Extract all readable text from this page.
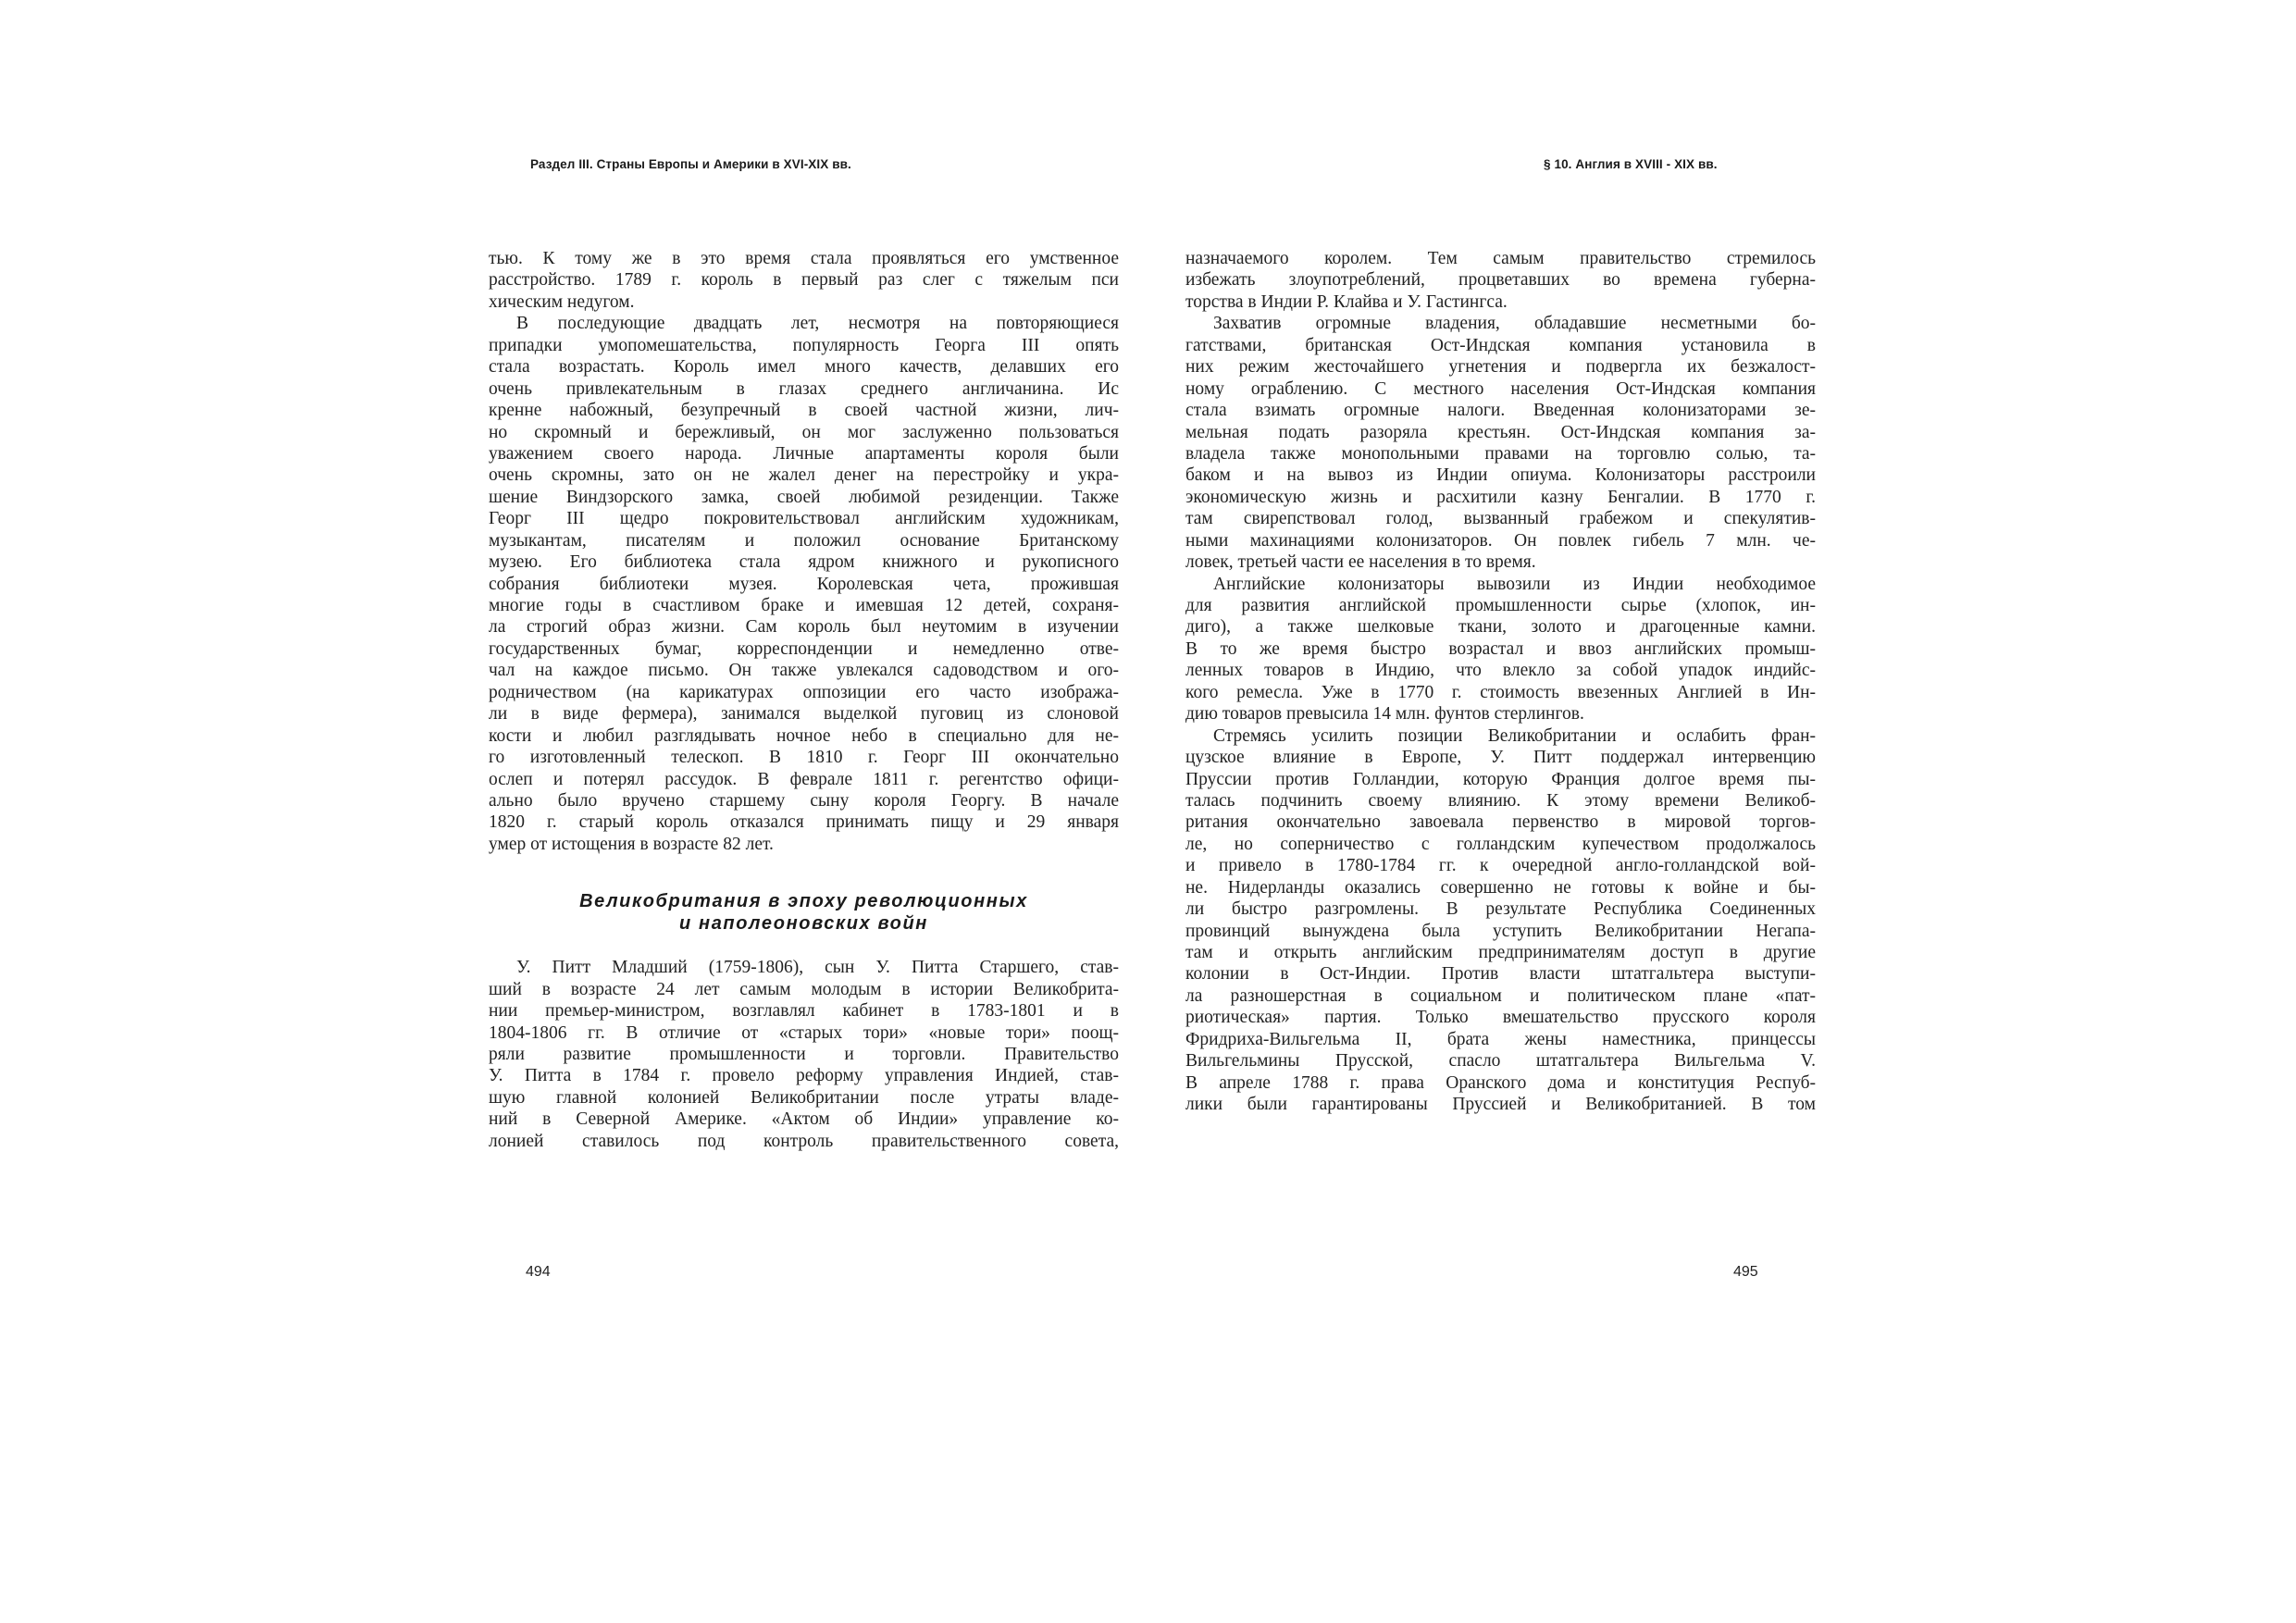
Раздел III. Страны Европы и Америки в XVI-XIX вв.	§ 10. Англия в XVIII - XIX вв.
тью. К тому же в это время стала проявляться его умственное
расстройство. 1789 г. король в первый раз слег с тяжелым пси
хическим недугом.
В последующие двадцать лет, несмотря на повторяющиеся
припадки умопомешательства, популярность Георга III опять
стала возрастать. Король имел много качеств, делавших его
очень привлекательным в глазах среднего англичанина. Ис
кренне набожный, безупречный в своей частной жизни, лич-
но скромный и бережливый, он мог заслуженно пользоваться
уважением своего народа. Личные апартаменты короля были
очень скромны, зато он не жалел денег на перестройку и укра-
шение Виндзорского замка, своей любимой резиденции. Также
Георг III щедро покровительствовал английским художникам,
музыкантам, писателям и положил основание Британскому
музею. Его библиотека стала ядром книжного и рукописного
собрания библиотеки музея. Королевская чета, прожившая
многие годы в счастливом браке и имевшая 12 детей, сохраня-
ла строгий образ жизни. Сам король был неутомим в изучении
государственных бумаг, корреспонденции и немедленно отве-
чал на каждое письмо. Он также увлекался садоводством и ого-
родничеством (на карикатурах оппозиции его часто изобража-
ли в виде фермера), занимался выделкой пуговиц из слоновой
кости и любил разглядывать ночное небо в специально для не-
го изготовленный телескоп. В 1810 г. Георг III окончательно
ослеп и потерял рассудок. В феврале 1811 г. регентство офици-
ально было вручено старшему сыну короля Георгу. В начале
1820 г. старый король отказался принимать пищу и 29 января
умер от истощения в возрасте 82 лет.
Великобритания в эпоху революционных
и наполеоновских войн
У. Питт Младший (1759-1806), сын У. Питта Старшего, став-
ший в возрасте 24 лет самым молодым в истории Великобрита-
нии премьер-министром, возглавлял кабинет в 1783-1801 и в
1804-1806 гг. В отличие от «старых тори» «новые тори» поощ-
ряли развитие промышленности и торговли. Правительство
У. Питта в 1784 г. провело реформу управления Индией, став-
шую главной колонией Великобритании после утраты владе-
ний в Северной Америке. «Актом об Индии» управление ко-
лонией ставилось под контроль правительственного совета,
назначаемого королем. Тем самым правительство стремилось
избежать злоупотреблений, процветавших во времена губерна-
торства в Индии Р. Клайва и У. Гастингса.
Захватив огромные владения, обладавшие несметными бо-
гатствами, британская Ост-Индская компания установила в
них режим жесточайшего угнетения и подвергла их безжалост-
ному ограблению. С местного населения Ост-Индская компания
стала взимать огромные налоги. Введенная колонизаторами зе-
мельная подать разоряла крестьян. Ост-Индская компания за-
владела также монопольными правами на торговлю солью, та-
баком и на вывоз из Индии опиума. Колонизаторы расстроили
экономическую жизнь и расхитили казну Бенгалии. В 1770 г.
там свирепствовал голод, вызванный грабежом и спекулятив-
ными махинациями колонизаторов. Он повлек гибель 7 млн. че-
ловек, третьей части ее населения в то время.
Английские колонизаторы вывозили из Индии необходимое
для развития английской промышленности сырье (хлопок, ин-
диго), а также шелковые ткани, золото и драгоценные камни.
В то же время быстро возрастал и ввоз английских промыш-
ленных товаров в Индию, что влекло за собой упадок индийс-
кого ремесла. Уже в 1770 г. стоимость ввезенных Англией в Ин-
дию товаров превысила 14 млн. фунтов стерлингов.
Стремясь усилить позиции Великобритании и ослабить фран-
цузское влияние в Европе, У. Питт поддержал интервенцию
Пруссии против Голландии, которую Франция долгое время пы-
талась подчинить своему влиянию. К этому времени Великоб-
ритания окончательно завоевала первенство в мировой торгов-
ле, но соперничество с голландским купечеством продолжалось
и привело в 1780-1784 гг. к очередной англо-голландской вой-
не. Нидерланды оказались совершенно не готовы к войне и бы-
ли быстро разгромлены. В результате Республика Соединенных
провинций вынуждена была уступить Великобритании Негапа-
там и открыть английским предпринимателям доступ в другие
колонии в Ост-Индии. Против власти штатгальтера выступи-
ла разношерстная в социальном и политическом плане «пат-
риотическая» партия. Только вмешательство прусского короля
Фридриха-Вильгельма II, брата жены наместника, принцессы
Вильгельмины Прусской, спасло штатгальтера Вильгельма V.
В апреле 1788 г. права Оранского дома и конституция Респуб-
лики были гарантированы Пруссией и Великобританией. В том
494	495
